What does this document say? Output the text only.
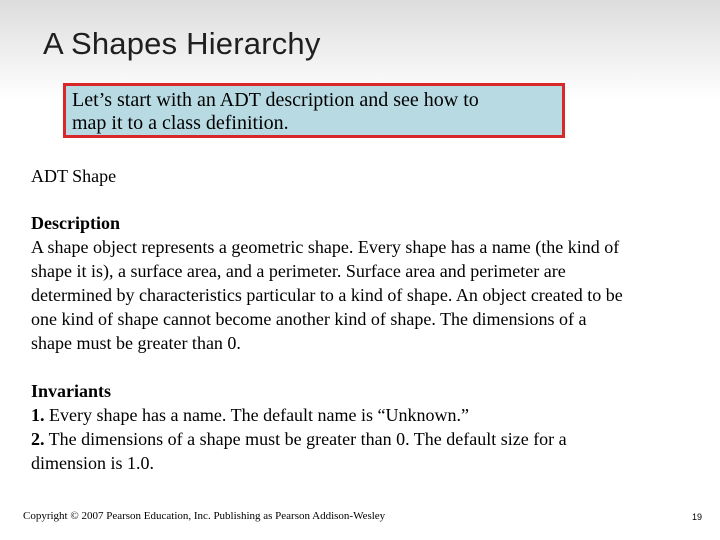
A Shapes Hierarchy
Let’s start with an ADT description and see how to
map it to a class definition.
ADT Shape
Description
A shape object represents a geometric shape. Every shape has a name (the kind of
shape it is), a surface area, and a perimeter. Surface area and perimeter are
determined by characteristics particular to a kind of shape. An object created to be
one kind of shape cannot become another kind of shape. The dimensions of a
shape must be greater than 0.
Invariants
1. Every shape has a name. The default name is “Unknown.”
2. The dimensions of a shape must be greater than 0. The default size for a
dimension is 1.0.
Copyright © 2007 Pearson Education, Inc. Publishing as Pearson Addison-Wesley	19
